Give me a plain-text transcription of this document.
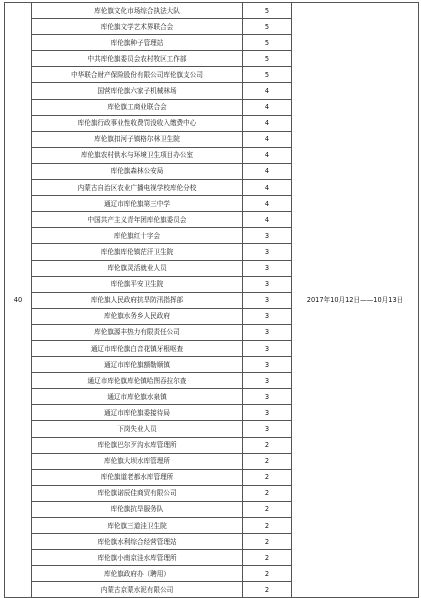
40	库伦旗文化市场综合执法大队	5	2017年10月12日——10月13日
	库伦旗文学艺术界联合会	5	
	库伦旗种子管理站	5	
	中共库伦旗委员会农村牧区工作部	5	
	中华联合财产保险股份有限公司库伦旗支公司	5	
	国营库伦旗六家子机械林场	4	
	库伦旗工商业联合会	4	
	库伦旗行政事业性收费罚没收入缴费中心	4	
	库伦旗扣河子镇格尔林卫生院	4	
	库伦旗农村供水与环境卫生项目办公室	4	
	库伦旗森林公安局	4	
	内蒙古自治区农业广播电视学校库伦分校	4	
	通辽市库伦旗第三中学	4	
	中国共产主义青年团库伦旗委员会	4	
	库伦旗红十字会	3	
	库伦旗库伦镇茫汗卫生院	3	
	库伦旗灵活就业人员	3	
	库伦旗平安卫生院	3	
	库伦旗人民政府抗旱防汛指挥部	3	
	库伦旗水务乡人民政府	3	
	库伦旗源丰热力有限责任公司	3	
	通辽市库伦旗白音花镇牙根呕查	3	
	通辽市库伦旗额勒顺镇	3	
	通辽市库伦旗库伦镇哈图吞拉尔查	3	
	通辽市库伦旗水泉镇	3	
	通辽市库伦旗委接待局	3	
	下岗失业人员	3	
	库伦旗巴尔歹沟水库管理所	2	
	库伦旗大坝水库管理所	2	
	库伦旗道老都水库管理所	2	
	库伦旗诺辰佳商贸有限公司	2	
	库伦旗抗旱服务队	2	
	库伦旗三道洼卫生院	2	
	库伦旗水利综合经营管理站	2	
	库伦旗小南京洼水库管理所	2	
	库伦旗政府办（聘用）	2	
	内蒙古京蒙水泥有限公司	2	
